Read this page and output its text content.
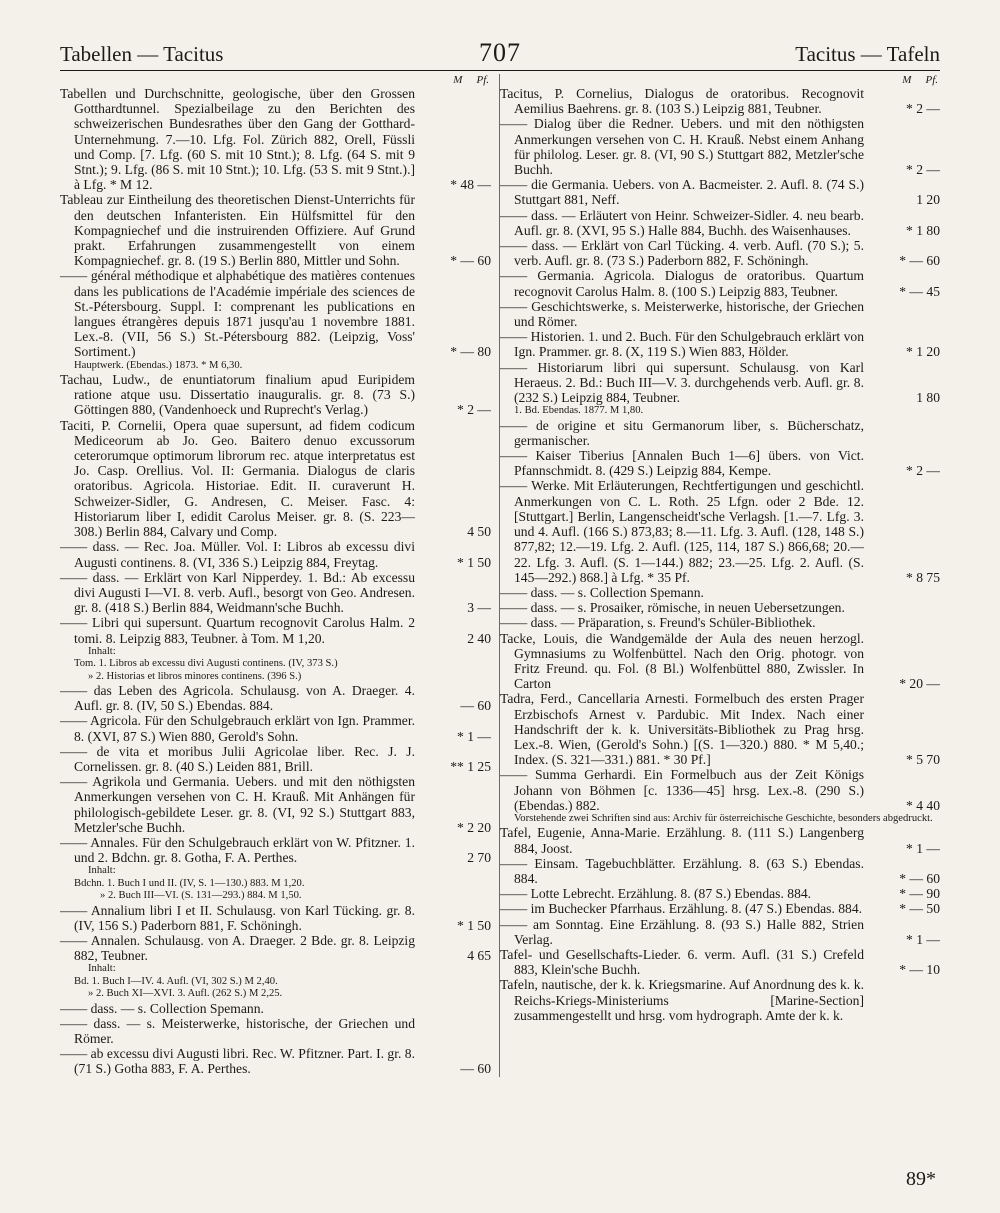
Tabellen — Tacitus	707	Tacitus — Tafeln
M Pf.
Tabellen und Durchschnitte, geologische, über den Grossen Gotthardtunnel. Spezialbeilage zu den Berichten des schweizerischen Bundesrathes über den Gang der Gotthard-Unternehmung. 7.—10. Lfg. Fol. Zürich 882, Orell, Füssli und Comp. [7. Lfg. (60 S. mit 10 Stnt.); 8. Lfg. (64 S. mit 9 Stnt.); 9. Lfg. (86 S. mit 10 Stnt.); 10. Lfg. (53 S. mit 9 Stnt.).] à Lfg. * M 12.	* 48 —
Tableau zur Eintheilung des theoretischen Dienst-Unterrichts für den deutschen Infanteristen. Ein Hülfsmittel für den Kompagniechef und die instruirenden Offiziere. Auf Grund prakt. Erfahrungen zusammengestellt von einem Kompagniechef. gr. 8. (19 S.) Berlin 880, Mittler und Sohn.	* — 60
—— général méthodique et alphabétique des matières contenues dans les publications de l'Académie impériale des sciences de St.-Pétersbourg. Suppl. I: comprenant les publications en langues étrangères depuis 1871 jusqu'au 1 novembre 1881. Lex.-8. (VII, 56 S.) St.-Pétersbourg 882. (Leipzig, Voss' Sortiment.)	* — 80
Hauptwerk. (Ebendas.) 1873. * M 6,30.
Tachau, Ludw., de enuntiatorum finalium apud Euripidem ratione atque usu. Dissertatio inauguralis. gr. 8. (73 S.) Göttingen 880, (Vandenhoeck und Ruprecht's Verlag.)	* 2 —
Taciti, P. Cornelii, Opera quae supersunt, ad fidem codicum Mediceorum ab Jo. Geo. Baitero denuo excussorum ceterorumque optimorum librorum rec. atque interpretatus est Jo. Casp. Orellius. Vol. II: Germania. Dialogus de claris oratoribus. Agricola. Historiae. Edit. II. curaverunt H. Schweizer-Sidler, G. Andresen, C. Meiser. Fasc. 4: Historiarum liber I, edidit Carolus Meiser. gr. 8. (S. 223—308.) Berlin 884, Calvary und Comp.	4 50
—— dass. — Rec. Joa. Müller. Vol. I: Libros ab excessu divi Augusti continens. 8. (VI, 336 S.) Leipzig 884, Freytag.	* 1 50
—— dass. — Erklärt von Karl Nipperdey. 1. Bd.: Ab excessu divi Augusti I—VI. 8. verb. Aufl., besorgt von Geo. Andresen. gr. 8. (418 S.) Berlin 884, Weidmann'sche Buchh.	3 —
—— Libri qui supersunt. Quartum recognovit Carolus Halm. 2 tomi. 8. Leipzig 883, Teubner. à Tom. M 1,20.	2 40
Inhalt:
Tom. 1. Libros ab excessu divi Augusti continens. (IV, 373 S.)
» 2. Historias et libros minores continens. (396 S.)
—— das Leben des Agricola. Schulausg. von A. Draeger. 4. Aufl. gr. 8. (IV, 50 S.) Ebendas. 884.	— 60
—— Agricola. Für den Schulgebrauch erklärt von Ign. Prammer. 8. (XVI, 87 S.) Wien 880, Gerold's Sohn.	* 1 —
—— de vita et moribus Julii Agricolae liber. Rec. J. J. Cornelissen. gr. 8. (40 S.) Leiden 881, Brill.	** 1 25
—— Agrikola und Germania. Uebers. und mit den nöthigsten Anmerkungen versehen von C. H. Krauß. Mit Anhängen für philologisch-gebildete Leser. gr. 8. (VI, 92 S.) Stuttgart 883, Metzler'sche Buchh.	* 2 20
—— Annales. Für den Schulgebrauch erklärt von W. Pfitzner. 1. und 2. Bdchn. gr. 8. Gotha, F. A. Perthes.	2 70
Inhalt:
Bdchn. 1. Buch I und II. (IV, S. 1—130.) 883. M 1,20.
» 2. Buch III—VI. (S. 131—293.) 884. M 1,50.
—— Annalium libri I et II. Schulausg. von Karl Tücking. gr. 8. (IV, 156 S.) Paderborn 881, F. Schöningh.	* 1 50
—— Annalen. Schulausg. von A. Draeger. 2 Bde. gr. 8. Leipzig 882, Teubner.	4 65
Inhalt:
Bd. 1. Buch I—IV. 4. Aufl. (VI, 302 S.) M 2,40.
» 2. Buch XI—XVI. 3. Aufl. (262 S.) M 2,25.
—— dass. — s. Collection Spemann.
—— dass. — s. Meisterwerke, historische, der Griechen und Römer.
—— ab excessu divi Augusti libri. Rec. W. Pfitzner. Part. I. gr. 8. (71 S.) Gotha 883, F. A. Perthes.	— 60
M Pf.
Tacitus, P. Cornelius, Dialogus de oratoribus. Recognovit Aemilius Baehrens. gr. 8. (103 S.) Leipzig 881, Teubner.	* 2 —
—— Dialog über die Redner. Uebers. und mit den nöthigsten Anmerkungen versehen von C. H. Krauß. Nebst einem Anhang für philolog. Leser. gr. 8. (VI, 90 S.) Stuttgart 882, Metzler'sche Buchh.	* 2 —
—— die Germania. Uebers. von A. Bacmeister. 2. Aufl. 8. (74 S.) Stuttgart 881, Neff.	1 20
—— dass. — Erläutert von Heinr. Schweizer-Sidler. 4. neu bearb. Aufl. gr. 8. (XVI, 95 S.) Halle 884, Buchh. des Waisenhauses.	* 1 80
—— dass. — Erklärt von Carl Tücking. 4. verb. Aufl. (70 S.); 5. verb. Aufl. gr. 8. (73 S.) Paderborn 882, F. Schöningh.	* — 60
—— Germania. Agricola. Dialogus de oratoribus. Quartum recognovit Carolus Halm. 8. (100 S.) Leipzig 883, Teubner.	* — 45
—— Geschichtswerke, s. Meisterwerke, historische, der Griechen und Römer.
—— Historien. 1. und 2. Buch. Für den Schulgebrauch erklärt von Ign. Prammer. gr. 8. (X, 119 S.) Wien 883, Hölder.	* 1 20
—— Historiarum libri qui supersunt. Schulausg. von Karl Heraeus. 2. Bd.: Buch III—V. 3. durchgehends verb. Aufl. gr. 8. (232 S.) Leipzig 884, Teubner.	1 80
1. Bd. Ebendas. 1877. M 1,80.
—— de origine et situ Germanorum liber, s. Bücherschatz, germanischer.
—— Kaiser Tiberius [Annalen Buch 1—6] übers. von Vict. Pfannschmidt. 8. (429 S.) Leipzig 884, Kempe.	* 2 —
—— Werke. Mit Erläuterungen, Rechtfertigungen und geschichtl. Anmerkungen von C. L. Roth. 25 Lfgn. oder 2 Bde. 12. [Stuttgart.] Berlin, Langenscheidt'sche Verlagsh. [1.—7. Lfg. 3. und 4. Aufl. (166 S.) 873,83; 8.—11. Lfg. 3. Aufl. (128, 148 S.) 877,82; 12.—19. Lfg. 2. Aufl. (125, 114, 187 S.) 866,68; 20.—22. Lfg. 3. Aufl. (S. 1—144.) 882; 23.—25. Lfg. 2. Aufl. (S. 145—292.) 868.] à Lfg. * 35 Pf.	* 8 75
—— dass. — s. Collection Spemann.
—— dass. — s. Prosaiker, römische, in neuen Uebersetzungen.
—— dass. — Präparation, s. Freund's Schüler-Bibliothek.
Tacke, Louis, die Wandgemälde der Aula des neuen herzogl. Gymnasiums zu Wolfenbüttel. Nach den Orig. photogr. von Fritz Freund. qu. Fol. (8 Bl.) Wolfenbüttel 880, Zwissler. In Carton	* 20 —
Tadra, Ferd., Cancellaria Arnesti. Formelbuch des ersten Prager Erzbischofs Arnest v. Pardubic. Mit Index. Nach einer Handschrift der k. k. Universitäts-Bibliothek zu Prag hrsg. Lex.-8. Wien, (Gerold's Sohn.) [(S. 1—320.) 880. * M 5,40.; Index. (S. 321—331.) 881. * 30 Pf.]	* 5 70
—— Summa Gerhardi. Ein Formelbuch aus der Zeit Königs Johann von Böhmen [c. 1336—45] hrsg. Lex.-8. (290 S.) (Ebendas.) 882.	* 4 40
Vorstehende zwei Schriften sind aus: Archiv für österreichische Geschichte, besonders abgedruckt.
Tafel, Eugenie, Anna-Marie. Erzählung. 8. (111 S.) Langenberg 884, Joost.	* 1 —
—— Einsam. Tagebuchblätter. Erzählung. 8. (63 S.) Ebendas. 884.	* — 60
—— Lotte Lebrecht. Erzählung. 8. (87 S.) Ebendas. 884.	* — 90
—— im Buchecker Pfarrhaus. Erzählung. 8. (47 S.) Ebendas. 884.	* — 50
—— am Sonntag. Eine Erzählung. 8. (93 S.) Halle 882, Strien Verlag.	* 1 —
Tafel- und Gesellschafts-Lieder. 6. verm. Aufl. (31 S.) Crefeld 883, Klein'sche Buchh.	* — 10
Tafeln, nautische, der k. k. Kriegsmarine. Auf Anordnung des k. k. Reichs-Kriegs-Ministeriums [Marine-Section] zusammengestellt und hrsg. vom hydrograph. Amte der k. k.
89*
